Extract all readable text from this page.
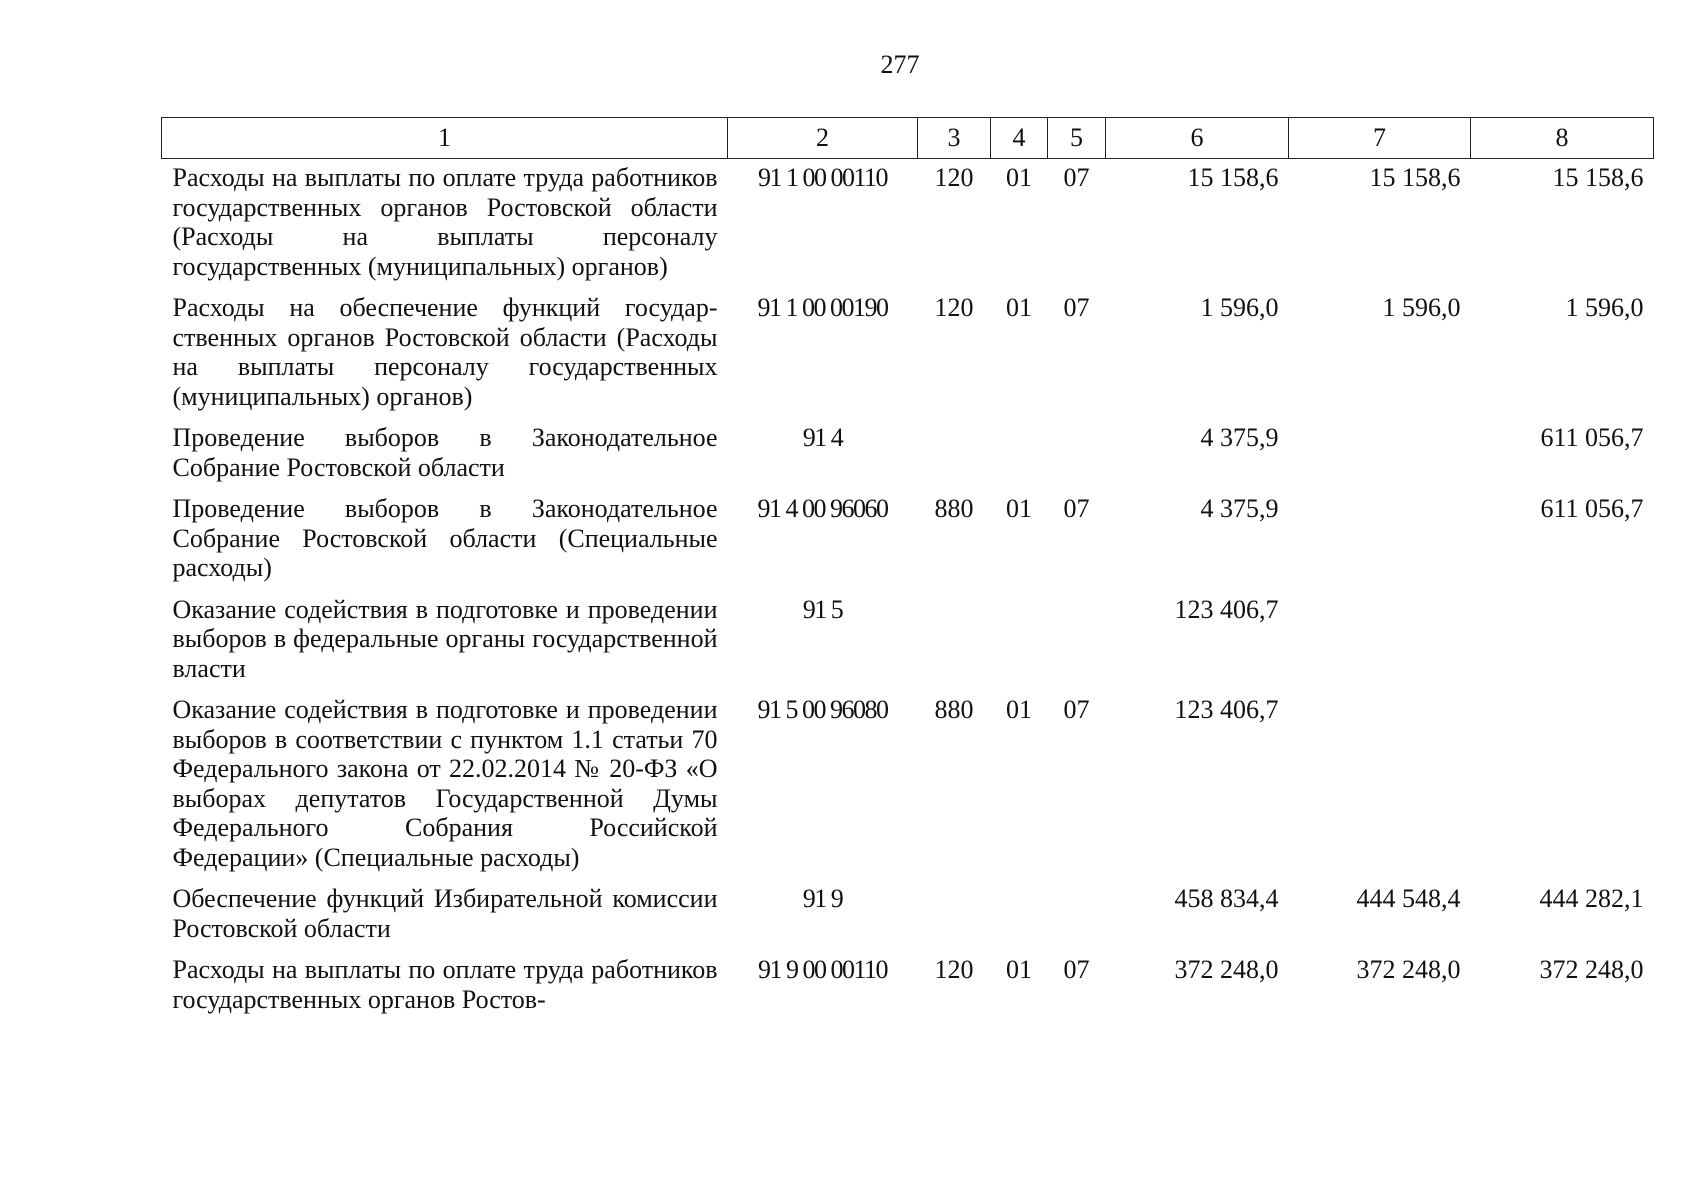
277
1	2	3	4	5	6	7	8
Расходы на выплаты по оплате труда работников государственных органов Ростовской области (Расходы на выплаты персоналу государственных (муниципальных) органов)	91 1 00 00110	120	01	07	15 158,6	15 158,6	15 158,6
Расходы на обеспечение функций государственных органов Ростовской области (Расходы на выплаты персоналу государственных (муниципальных) органов)	91 1 00 00190	120	01	07	1 596,0	1 596,0	1 596,0
Проведение выборов в Законодательное Собрание Ростовской области	91 4				4 375,9		611 056,7
Проведение выборов в Законодательное Собрание Ростовской области (Специальные расходы)	91 4 00 96060	880	01	07	4 375,9		611 056,7
Оказание содействия в подготовке и проведении выборов в федеральные органы государственной власти	91 5				123 406,7		
Оказание содействия в подготовке и проведении выборов в соответствии с пунктом 1.1 статьи 70 Федерального закона от 22.02.2014 № 20-ФЗ «О выборах депутатов Государственной Думы Федерального Собрания Российской Федерации» (Специальные расходы)	91 5 00 96080	880	01	07	123 406,7		
Обеспечение функций Избирательной комиссии Ростовской области	91 9				458 834,4	444 548,4	444 282,1
Расходы на выплаты по оплате труда работников государственных органов Ростов-	91 9 00 00110	120	01	07	372 248,0	372 248,0	372 248,0
